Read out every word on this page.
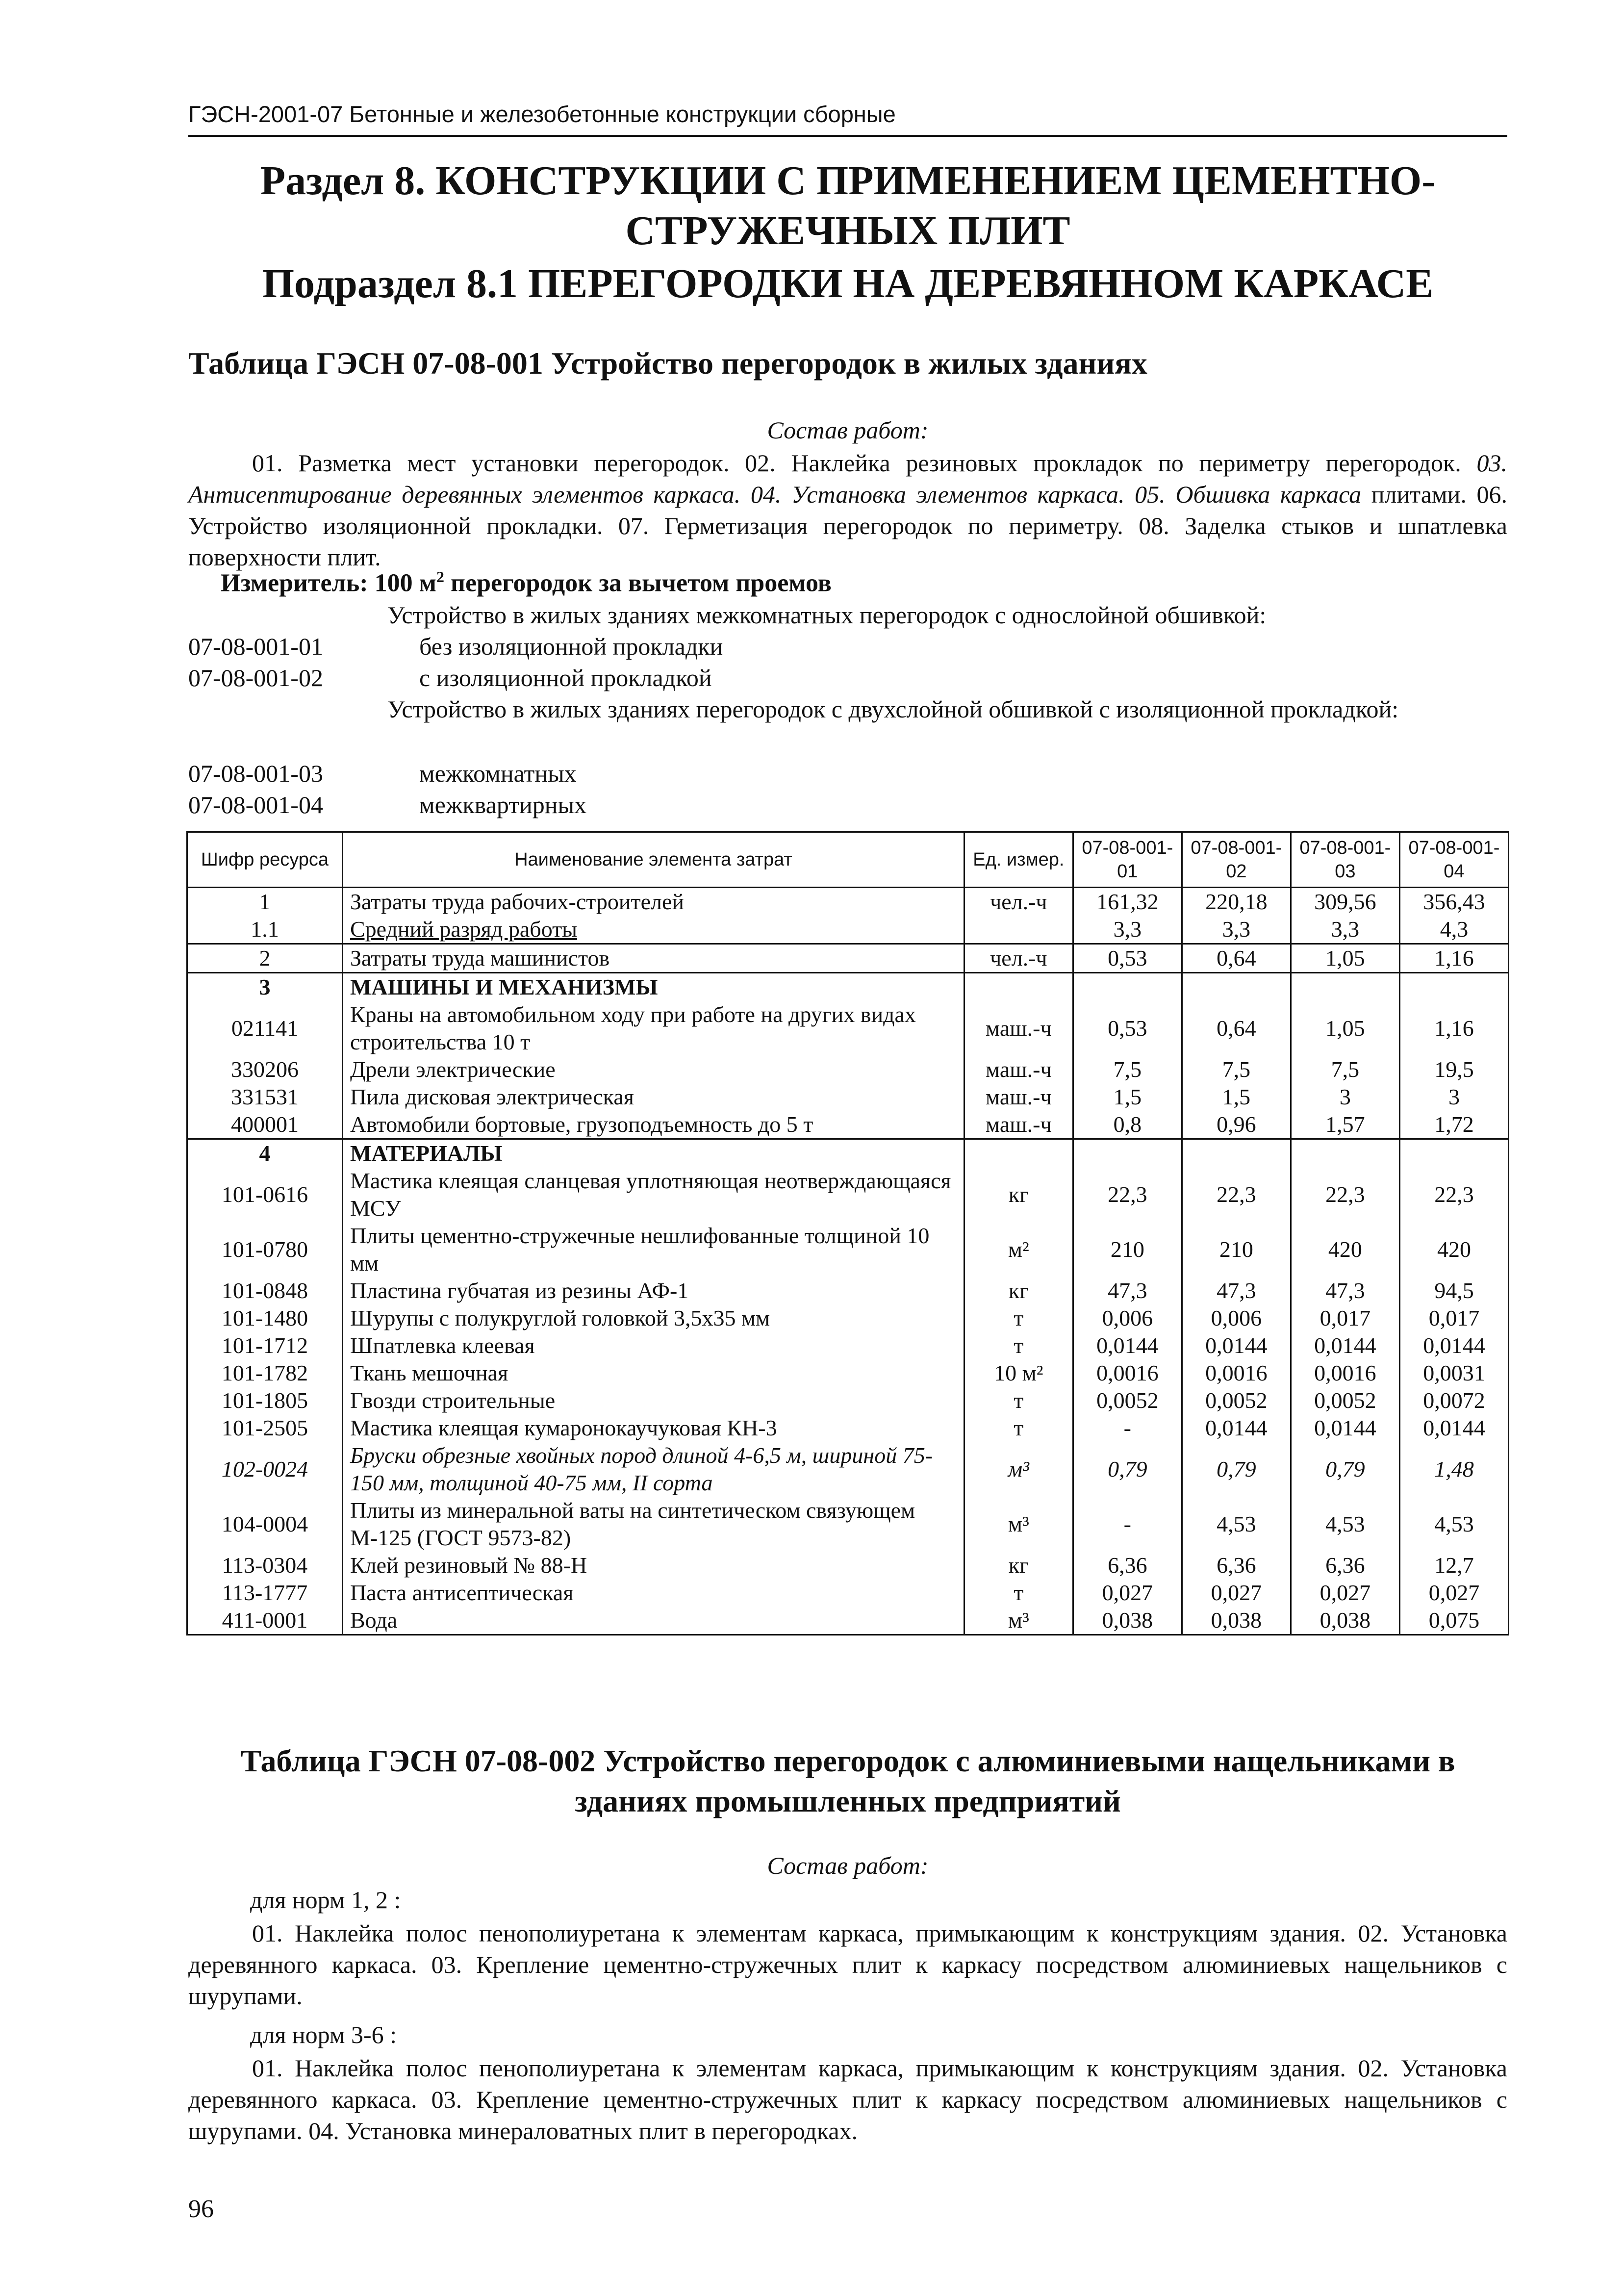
ГЭСН-2001-07 Бетонные и железобетонные конструкции сборные
Раздел 8. КОНСТРУКЦИИ С ПРИМЕНЕНИЕМ ЦЕМЕНТНО-
СТРУЖЕЧНЫХ ПЛИТ
Подраздел 8.1 ПЕРЕГОРОДКИ НА ДЕРЕВЯННОМ КАРКАСЕ
Таблица ГЭСН 07-08-001 Устройство перегородок в жилых зданиях
Состав работ:
01. Разметка мест установки перегородок. 02. Наклейка резиновых прокладок по периметру перегородок. 03. Антисептирование деревянных элементов каркаса. 04. Установка элементов каркаса. 05. Обшивка каркаса плитами. 06. Устройство изоляционной прокладки. 07. Герметизация перегородок по периметру. 08. Заделка стыков и шпатлевка поверхности плит.
Измеритель: 100 $м^2$ перегородок за вычетом проемов
Устройство в жилых зданиях межкомнатных перегородок с однослойной обшивкой:
07-08-001-01	без изоляционной прокладки
07-08-001-02	с изоляционной прокладкой
Устройство в жилых зданиях перегородок с двухслойной обшивкой с изоляционной прокладкой:
07-08-001-03	межкомнатных
07-08-001-04	межквартирных
Шифр ресурса	Наименование элемента затрат	Ед. измер.	07-08-001-01	07-08-001-02	07-08-001-03	07-08-001-04
1	Затраты труда рабочих-строителей	чел.-ч	161,32	220,18	309,56	356,43
1.1	Средний разряд работы		3,3	3,3	3,3	4,3
2	Затраты труда машинистов	чел.-ч	0,53	0,64	1,05	1,16
3	МАШИНЫ И МЕХАНИЗМЫ					
021141	Краны на автомобильном ходу при работе на других видах строительства 10 т	маш.-ч	0,53	0,64	1,05	1,16
330206	Дрели электрические	маш.-ч	7,5	7,5	7,5	19,5
331531	Пила дисковая электрическая	маш.-ч	1,5	1,5	3	3
400001	Автомобили бортовые, грузоподъемность до 5 т	маш.-ч	0,8	0,96	1,57	1,72
4	МАТЕРИАЛЫ					
101-0616	Мастика клеящая сланцевая уплотняющая неотверждающаяся МСУ	кг	22,3	22,3	22,3	22,3
101-0780	Плиты цементно-стружечные нешлифованные толщиной 10 мм	м²	210	210	420	420
101-0848	Пластина губчатая из резины АФ-1	кг	47,3	47,3	47,3	94,5
101-1480	Шурупы с полукруглой головкой 3,5х35 мм	т	0,006	0,006	0,017	0,017
101-1712	Шпатлевка клеевая	т	0,0144	0,0144	0,0144	0,0144
101-1782	Ткань мешочная	10 м²	0,0016	0,0016	0,0016	0,0031
101-1805	Гвозди строительные	т	0,0052	0,0052	0,0052	0,0072
101-2505	Мастика клеящая кумаронокаучуковая КН-3	т	-	0,0144	0,0144	0,0144
102-0024	Бруски обрезные хвойных пород длиной 4-6,5 м, шириной 75-150 мм, толщиной 40-75 мм, II сорта	м³	0,79	0,79	0,79	1,48
104-0004	Плиты из минеральной ваты на синтетическом связующем М-125 (ГОСТ 9573-82)	м³	-	4,53	4,53	4,53
113-0304	Клей резиновый № 88-Н	кг	6,36	6,36	6,36	12,7
113-1777	Паста антисептическая	т	0,027	0,027	0,027	0,027
411-0001	Вода	м³	0,038	0,038	0,038	0,075
Таблица ГЭСН 07-08-002 Устройство перегородок с алюминиевыми нащельниками в
зданиях промышленных предприятий
Состав работ:
для норм 1, 2 :
01. Наклейка полос пенополиуретана к элементам каркаса, примыкающим к конструкциям здания. 02. Установка деревянного каркаса. 03. Крепление цементно-стружечных плит к каркасу посредством алюминиевых нащельников с шурупами.
для норм 3-6 :
01. Наклейка полос пенополиуретана к элементам каркаса, примыкающим к конструкциям здания. 02. Установка деревянного каркаса. 03. Крепление цементно-стружечных плит к каркасу посредством алюминиевых нащельников с шурупами. 04. Установка минераловатных плит в перегородках.
96
